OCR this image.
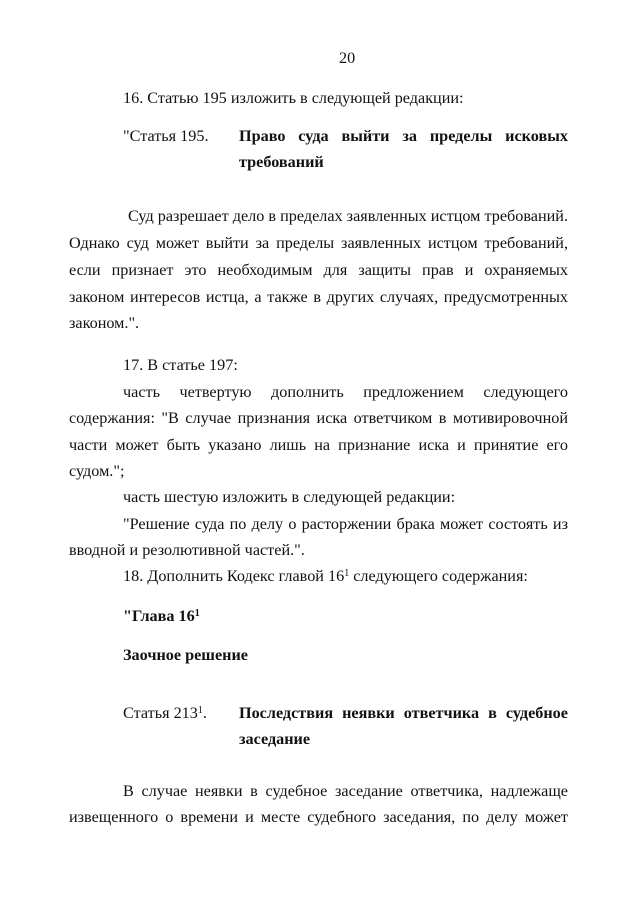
20
16. Статью 195 изложить в следующей редакции:
"Статья 195. Право суда выйти за пределы исковых
требований
Суд разрешает дело в пределах заявленных истцом требований.
Однако суд может выйти за пределы заявленных истцом требований,
если признает это необходимым для защиты прав и охраняемых
законом интересов истца, а также в других случаях, предусмотренных
законом.".
17. В статье 197:
часть четвертую дополнить предложением следующего
содержания: "В случае признания иска ответчиком в мотивировочной
части может быть указано лишь на признание иска и принятие его
судом.";
часть шестую изложить в следующей редакции:
"Решение суда по делу о расторжении брака может состоять из
вводной и резолютивной частей.".
18. Дополнить Кодекс главой $16^1$ следующего содержания:
"Глава $16^1$
Заочное решение
Статья $213^1$. Последствия неявки ответчика в судебное
заседание
В случае неявки в судебное заседание ответчика, надлежаще
извещенного о времени и месте судебного заседания, по делу может
